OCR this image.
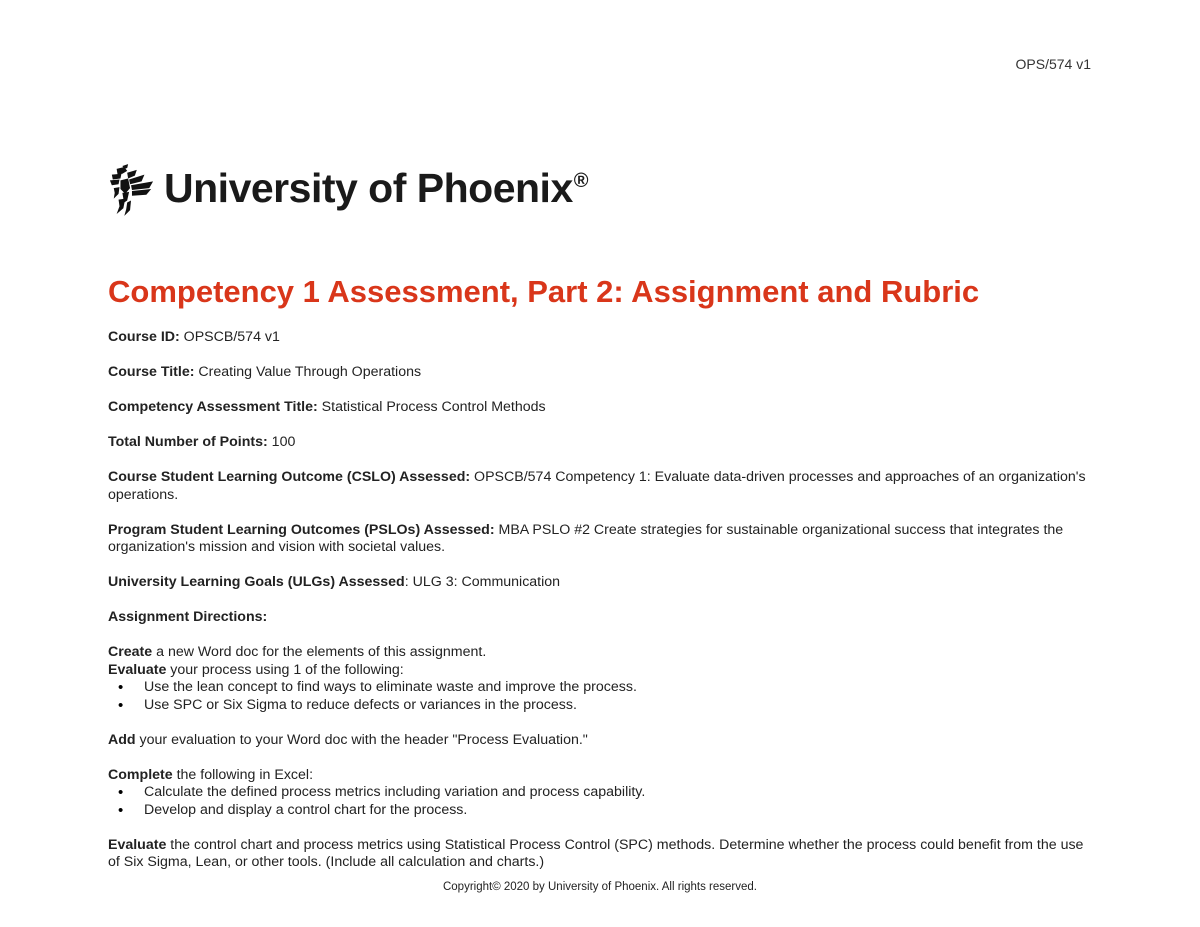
OPS/574 v1
University of Phoenix®
Competency 1 Assessment, Part 2: Assignment and Rubric

Course ID: OPSCB/574 v1

Course Title: Creating Value Through Operations

Competency Assessment Title: Statistical Process Control Methods

Total Number of Points: 100

Course Student Learning Outcome (CSLO) Assessed: OPSCB/574 Competency 1: Evaluate data-driven processes and approaches of an organization's operations.

Program Student Learning Outcomes (PSLOs) Assessed: MBA PSLO #2 Create strategies for sustainable organizational success that integrates the organization's mission and vision with societal values.

University Learning Goals (ULGs) Assessed: ULG 3: Communication

Assignment Directions:

Create a new Word doc for the elements of this assignment.

Evaluate your process using 1 of the following:

• Use the lean concept to find ways to eliminate waste and improve the process.
• Use SPC or Six Sigma to reduce defects or variances in the process.

Add your evaluation to your Word doc with the header "Process Evaluation."

Complete the following in Excel:

• Calculate the defined process metrics including variation and process capability.
• Develop and display a control chart for the process.

Evaluate the control chart and process metrics using Statistical Process Control (SPC) methods. Determine whether the process could benefit from the use of Six Sigma, Lean, or other tools. (Include all calculation and charts.)

Copyright© 2020 by University of Phoenix. All rights reserved.
